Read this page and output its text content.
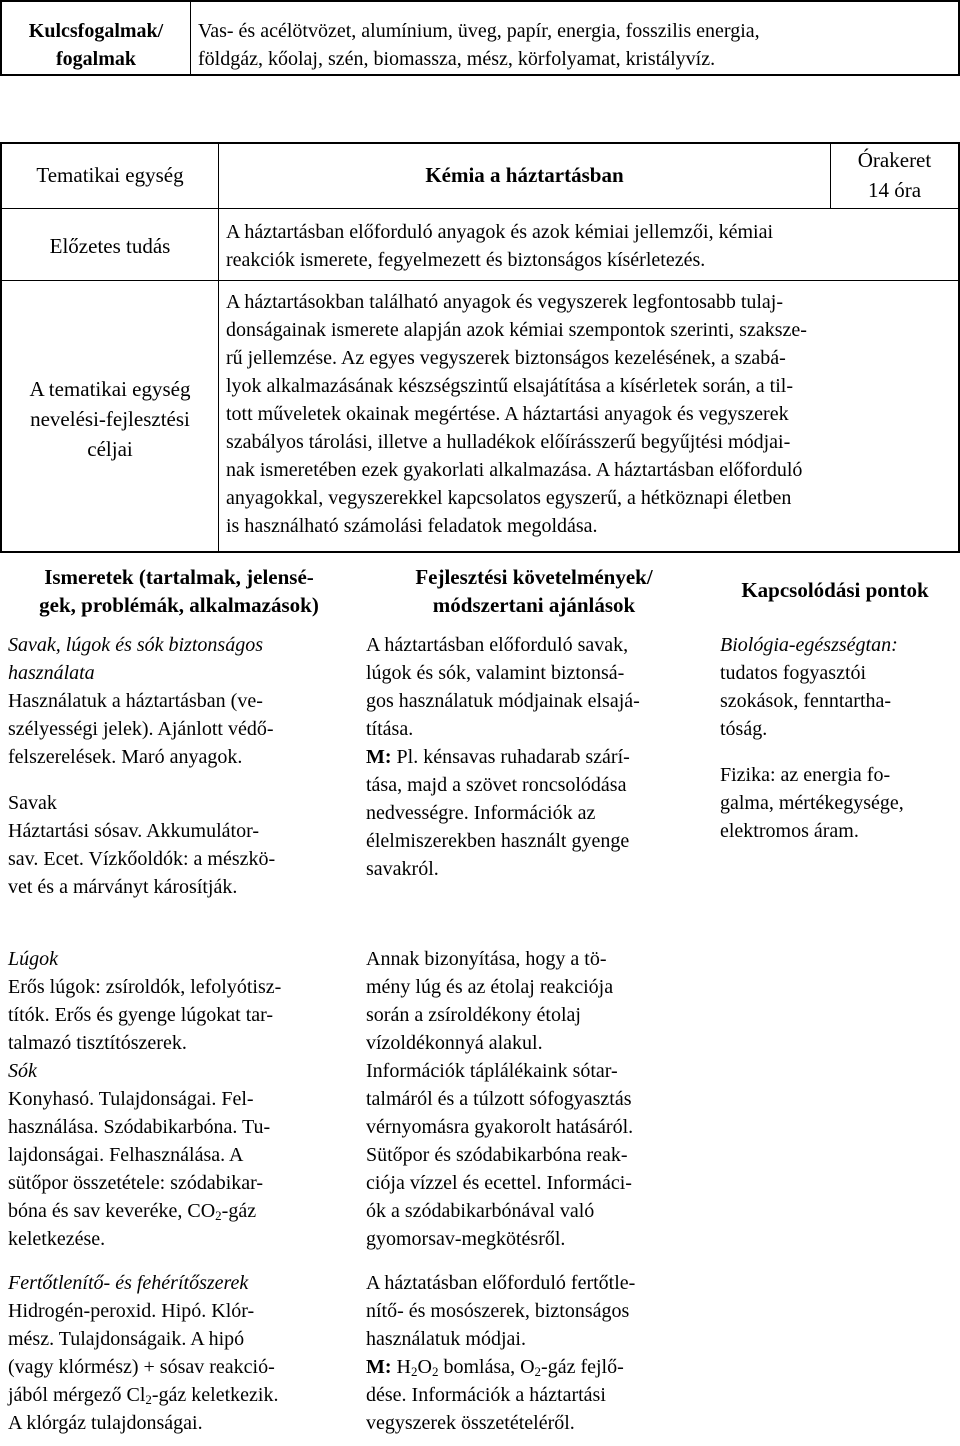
Kulcsfogalmak/
fogalmak
Vas- és acélötvözet, alumínium, üveg, papír, energia, fosszilis energia,
földgáz, kőolaj, szén, biomassza, mész, körfolyamat, kristályvíz.
Tematikai egység	Kémia a háztartásban
Órakeret
14 óra
Előzetes tudás
A háztartásban előforduló anyagok és azok kémiai jellemzői, kémiai
reakciók ismerete, fegyelmezett és biztonságos kísérletezés.
A tematikai egység
nevelési-fejlesztési
céljai
A háztartásokban található anyagok és vegyszerek legfontosabb tulaj-
donságainak ismerete alapján azok kémiai szempontok szerinti, szaksze-
rű jellemzése. Az egyes vegyszerek biztonságos kezelésének, a szabá-
lyok alkalmazásának készségszintű elsajátítása a kísérletek során, a til-
tott műveletek okainak megértése. A háztartási anyagok és vegyszerek
szabályos tárolási, illetve a hulladékok előírásszerű begyűjtési módjai-
nak ismeretében ezek gyakorlati alkalmazása. A háztartásban előforduló
anyagokkal, vegyszerekkel kapcsolatos egyszerű, a hétköznapi életben
is használható számolási feladatok megoldása.
Ismeretek (tartalmak, jelensé-
gek, problémák, alkalmazások)
Fejlesztési követelmények/
módszertani ajánlások
Kapcsolódási pontok
Savak, lúgok és sók biztonságos
használata
Használatuk a háztartásban (ve-
szélyességi jelek). Ajánlott védő-
felszerelések. Maró anyagok.
Savak
Háztartási sósav. Akkumulátor-
sav. Ecet. Vízkőoldók: a mészkö-
vet és a márványt károsítják.
Lúgok
Erős lúgok: zsíroldók, lefolyótisz-
títók. Erős és gyenge lúgokat tar-
talmazó tisztítószerek.
Sók
Konyhasó. Tulajdonságai. Fel-
használása. Szódabikarbóna. Tu-
lajdonságai. Felhasználása. A
sütőpor összetétele: szódabikar-
bóna és sav keveréke, $CO_2$-gáz
keletkezése.
Fertőtlenítő- és fehérítőszerek
Hidrogén-peroxid. Hipó. Klór-
mész. Tulajdonságaik. A hipó
(vagy klórmész) + sósav reakció-
jából mérgező $Cl_2$-gáz keletkezik.
A klórgáz tulajdonságai.
A háztartásban előforduló savak,
lúgok és sók, valamint biztonsá-
gos használatuk módjainak elsajá-
títása.
M: Pl. kénsavas ruhadarab szárí-
tása, majd a szövet roncsolódása
nedvességre. Információk az
élelmiszerekben használt gyenge
savakról.
Annak bizonyítása, hogy a tö-
mény lúg és az étolaj reakciója
során a zsíroldékony étolaj
vízoldékonnyá alakul.
Információk táplálékaink sótar-
talmáról és a túlzott sófogyasztás
vérnyomásra gyakorolt hatásáról.
Sütőpor és szódabikarbóna reak-
ciója vízzel és ecettel. Informáci-
ók a szódabikarbónával való
gyomorsav-megkötésről.
A háztatásban előforduló fertőtle-
nítő- és mosószerek, biztonságos
használatuk módjai.
M: $H_2O_2$ bomlása, $O_2$-gáz fejlő-
dése. Információk a háztartási
vegyszerek összetételéről.
Biológia-egészségtan:
tudatos fogyasztói
szokások, fenntartha-
tóság.
Fizika: az energia fo-
galma, mértékegysége,
elektromos áram.
